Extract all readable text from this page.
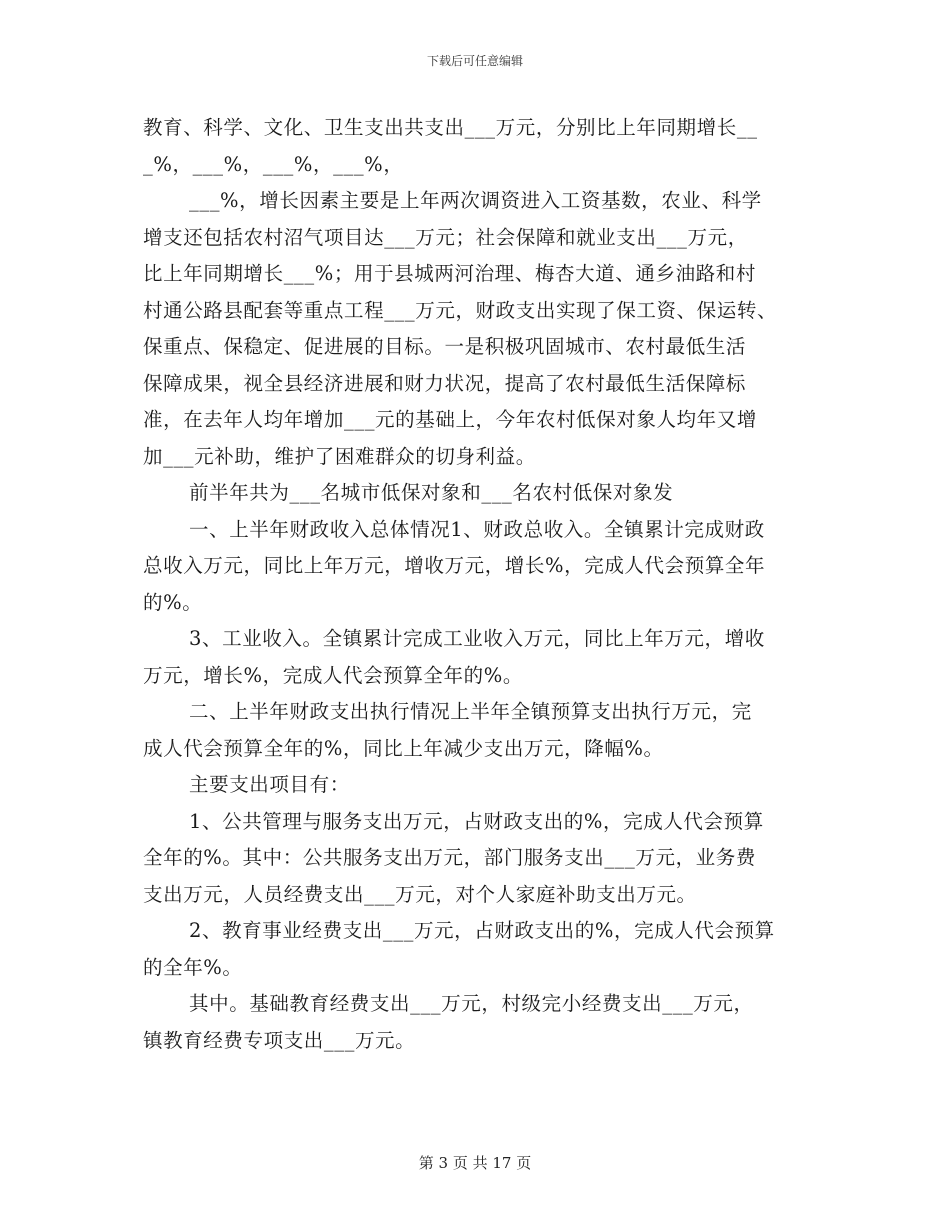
下载后可任意编辑
教育、科学、文化、卫生支出共支出___万元，分别比上年同期增长__
_%，___%，___%，___%，
___%，增长因素主要是上年两次调资进入工资基数，农业、科学
增支还包括农村沼气项目达___万元；社会保障和就业支出___万元，
比上年同期增长___%；用于县城两河治理、梅杏大道、通乡油路和村
村通公路县配套等重点工程___万元，财政支出实现了保工资、保运转、
保重点、保稳定、促进展的目标。一是积极巩固城市、农村最低生活
保障成果，视全县经济进展和财力状况，提高了农村最低生活保障标
准，在去年人均年增加___元的基础上，今年农村低保对象人均年又增
加___元补助，维护了困难群众的切身利益。
前半年共为___名城市低保对象和___名农村低保对象发
一、上半年财政收入总体情况1、财政总收入。全镇累计完成财政
总收入万元，同比上年万元，增收万元，增长%，完成人代会预算全年
的%。
3、工业收入。全镇累计完成工业收入万元，同比上年万元，增收
万元，增长%，完成人代会预算全年的%。
二、上半年财政支出执行情况上半年全镇预算支出执行万元，完
成人代会预算全年的%，同比上年减少支出万元，降幅%。
主要支出项目有：
1、公共管理与服务支出万元，占财政支出的%，完成人代会预算
全年的%。其中：公共服务支出万元，部门服务支出___万元，业务费
支出万元，人员经费支出___万元，对个人家庭补助支出万元。
2、教育事业经费支出___万元，占财政支出的%，完成人代会预算
的全年%。
其中。基础教育经费支出___万元，村级完小经费支出___万元，
镇教育经费专项支出___万元。
第 3 页 共 17 页
